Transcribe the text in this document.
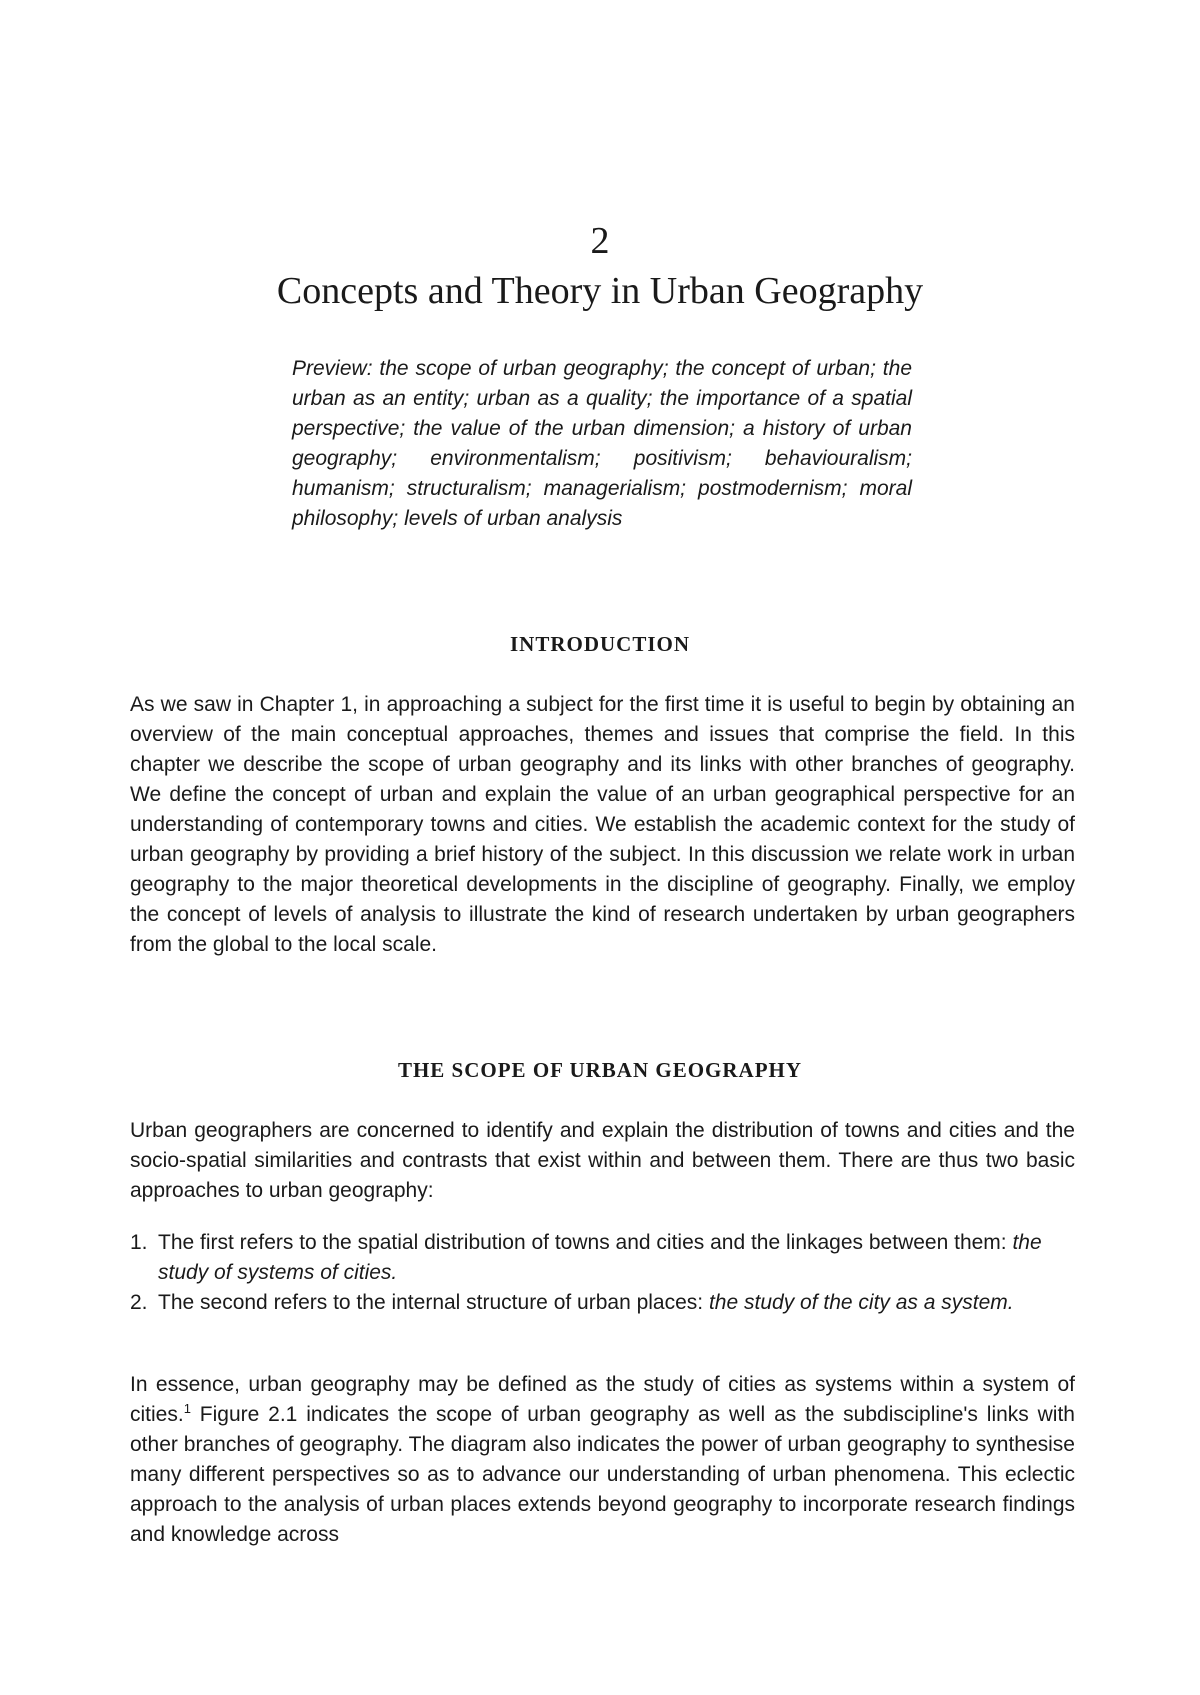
2
Concepts and Theory in Urban Geography

Preview: the scope of urban geography; the concept of urban; the urban as an entity; urban as a quality; the importance of a spatial perspective; the value of the urban dimension; a history of urban geography; environmentalism; positivism; behaviouralism; humanism; structuralism; managerialism; postmodernism; moral philosophy; levels of urban analysis

INTRODUCTION

As we saw in Chapter 1, in approaching a subject for the first time it is useful to begin by obtaining an overview of the main conceptual approaches, themes and issues that comprise the field. In this chapter we describe the scope of urban geography and its links with other branches of geography. We define the concept of urban and explain the value of an urban geographical perspective for an understanding of contemporary towns and cities. We establish the academic context for the study of urban geography by providing a brief history of the subject. In this discussion we relate work in urban geography to the major theoretical developments in the discipline of geography. Finally, we employ the concept of levels of analysis to illustrate the kind of research undertaken by urban geographers from the global to the local scale.

THE SCOPE OF URBAN GEOGRAPHY

Urban geographers are concerned to identify and explain the distribution of towns and cities and the socio-spatial similarities and contrasts that exist within and between them. There are thus two basic approaches to urban geography:

1. The first refers to the spatial distribution of towns and cities and the linkages between them: the study of systems of cities.
2. The second refers to the internal structure of urban places: the study of the city as a system.

In essence, urban geography may be defined as the study of cities as systems within a system of cities.$^1$ Figure 2.1 indicates the scope of urban geography as well as the subdiscipline's links with other branches of geography. The diagram also indicates the power of urban geography to synthesise many different perspectives so as to advance our understanding of urban phenomena. This eclectic approach to the analysis of urban places extends beyond geography to incorporate research findings and knowledge across
